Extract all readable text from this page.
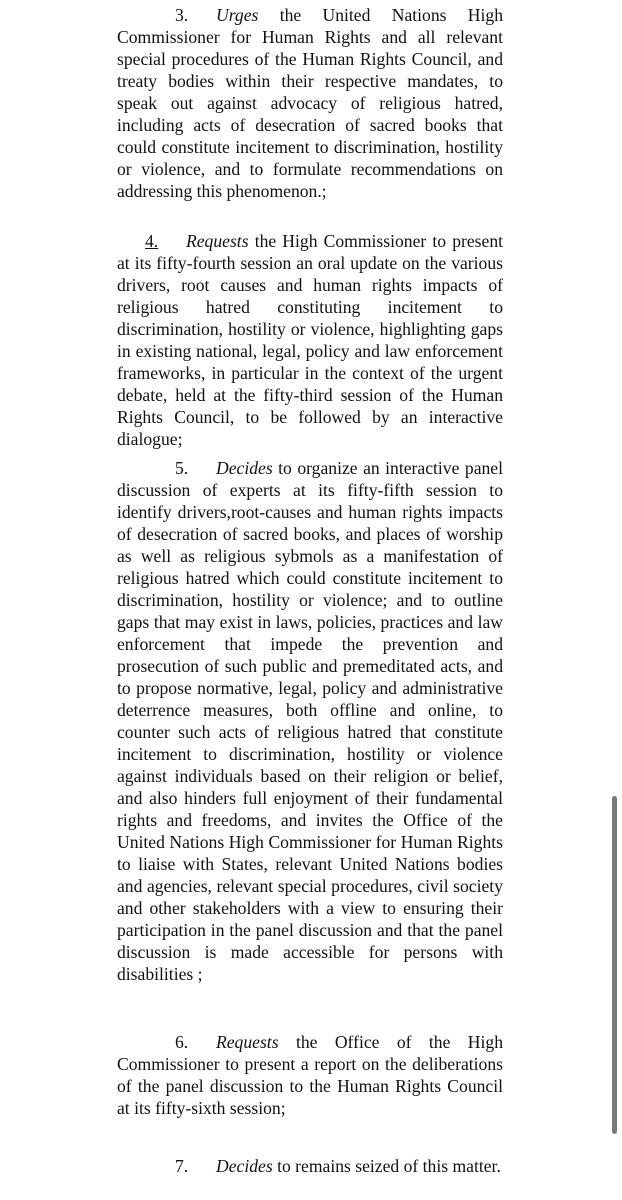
3. Urges the United Nations High Commissioner for Human Rights and all relevant special procedures of the Human Rights Council, and treaty bodies within their respective mandates, to speak out against advocacy of religious hatred, including acts of desecration of sacred books that could constitute incitement to discrimination, hostility or violence, and to formulate recommendations on addressing this phenomenon.;

4. Requests the High Commissioner to present at its fifty-fourth session an oral update on the various drivers, root causes and human rights impacts of religious hatred constituting incitement to discrimination, hostility or violence, highlighting gaps in existing national, legal, policy and law enforcement frameworks, in particular in the context of the urgent debate, held at the fifty-third session of the Human Rights Council, to be followed by an interactive dialogue;

5. Decides to organize an interactive panel discussion of experts at its fifty-fifth session to identify drivers,root-causes and human rights impacts of desecration of sacred books, and places of worship as well as religious sybmols as a manifestation of religious hatred which could constitute incitement to discrimination, hostility or violence; and to outline gaps that may exist in laws, policies, practices and law enforcement that impede the prevention and prosecution of such public and premeditated acts, and to propose normative, legal, policy and administrative deterrence measures, both offline and online, to counter such acts of religious hatred that constitute incitement to discrimination, hostility or violence against individuals based on their religion or belief, and also hinders full enjoyment of their fundamental rights and freedoms, and invites the Office of the United Nations High Commissioner for Human Rights to liaise with States, relevant United Nations bodies and agencies, relevant special procedures, civil society and other stakeholders with a view to ensuring their participation in the panel discussion and that the panel discussion is made accessible for persons with disabilities ;

6. Requests the Office of the High Commissioner to present a report on the deliberations of the panel discussion to the Human Rights Council at its fifty-sixth session;

7. Decides to remains seized of this matter.
